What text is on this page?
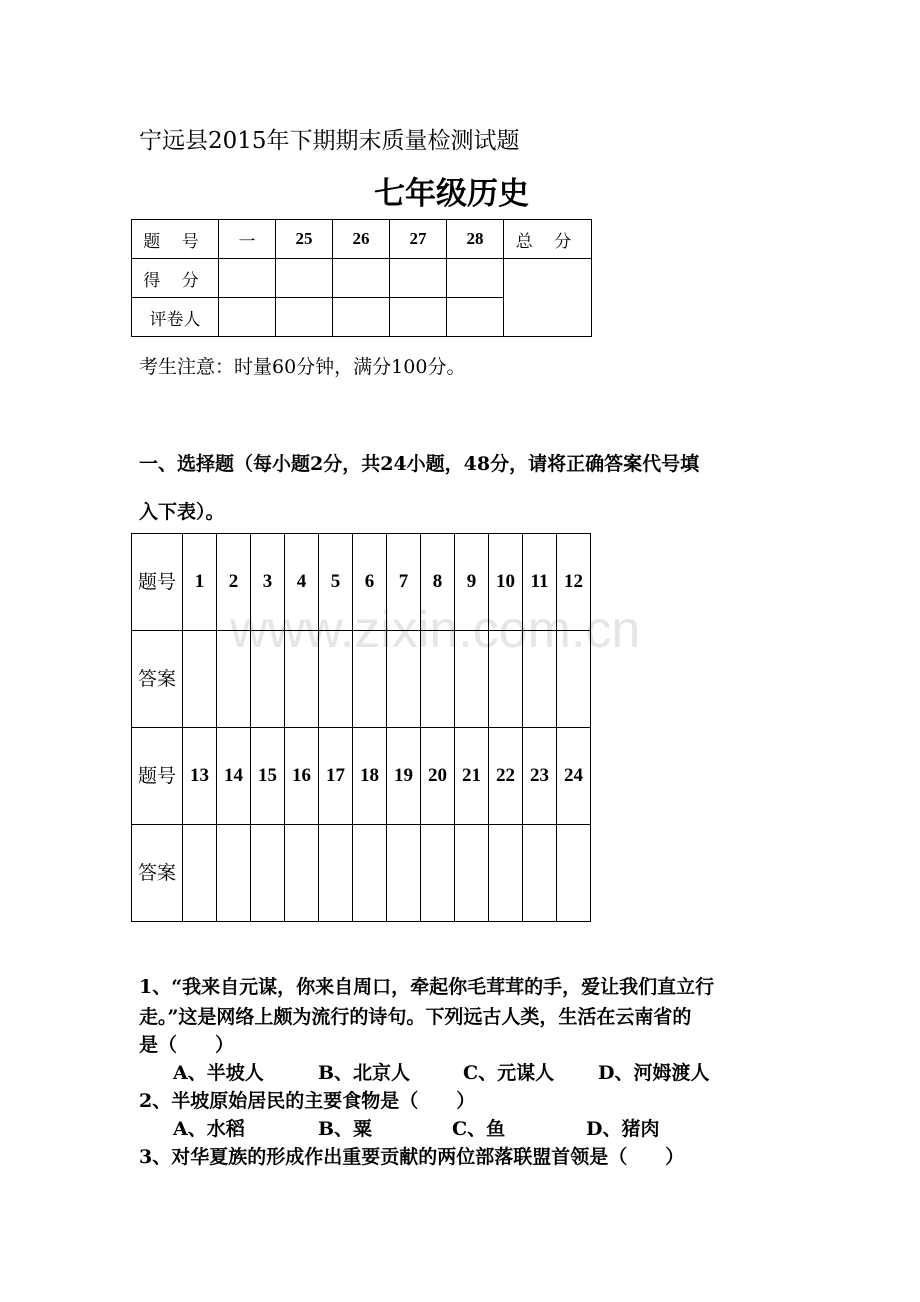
宁远县2015年下期期末质量检测试题
七年级历史
题 号	一	25	26	27	28	总 分
得 分						
评卷人						
考生注意：时量60分钟，满分100分。
一、选择题（每小题2分，共24小题，48分，请将正确答案代号填
入下表）。
www.zixin.com.cn
题号	1	2	3	4	5	6	7	8	9	10	11	12
答案												
题号	13	14	15	16	17	18	19	20	21	22	23	24
答案												
1、“我来自元谋，你来自周口，牵起你毛茸茸的手，爱让我们直立行
走。”这是网络上颇为流行的诗句。下列远古人类，生活在云南省的
是（　　）
A、半坡人	B、北京人	C、元谋人 D、河姆渡人
2、半坡原始居民的主要食物是（　　）
A、水稻	B、粟	C、鱼	D、猪肉
3、对华夏族的形成作出重要贡献的两位部落联盟首领是（　　）
